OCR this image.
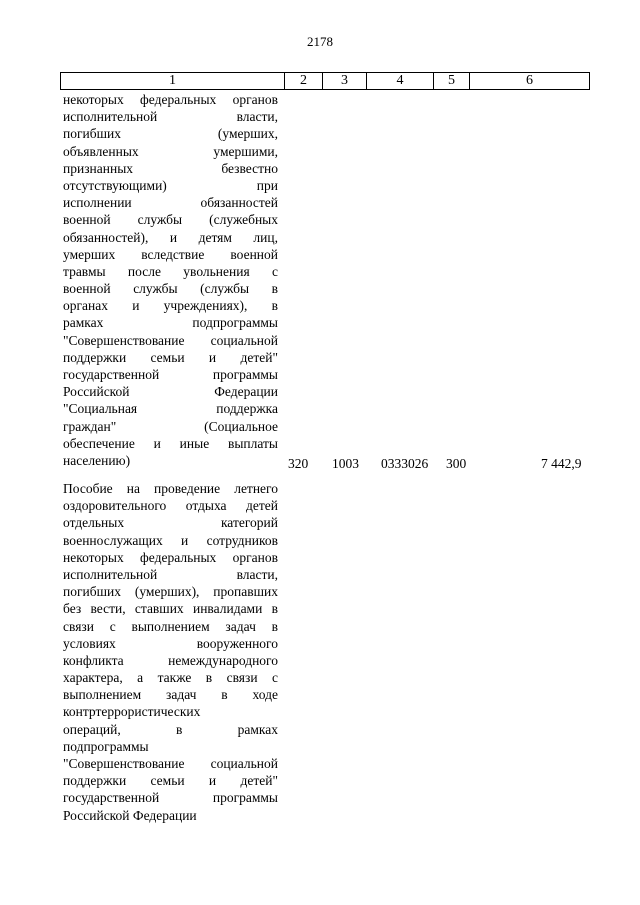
2178
1	2	3	4	5	6
некоторых федеральных органов
исполнительной власти,
погибших (умерших,
объявленных умершими,
признанных безвестно
отсутствующими) при
исполнении обязанностей
военной службы (служебных
обязанностей), и детям лиц,
умерших вследствие военной
травмы после увольнения с
военной службы (службы в
органах и учреждениях), в
рамках подпрограммы
"Совершенствование социальной
поддержки семьи и детей"
государственной программы
Российской Федерации
"Социальная поддержка
граждан" (Социальное
обеспечение и иные выплаты
населению)	320 1003 0333026 300	7 442,9
Пособие на проведение летнего
оздоровительного отдыха детей
отдельных категорий
военнослужащих и сотрудников
некоторых федеральных органов
исполнительной власти,
погибших (умерших), пропавших
без вести, ставших инвалидами в
связи с выполнением задач в
условиях вооруженного
конфликта немеждународного
характера, а также в связи с
выполнением задач в ходе
контртеррористических
операций, в рамках
подпрограммы
"Совершенствование социальной
поддержки семьи и детей"
государственной программы
Российской Федерации
